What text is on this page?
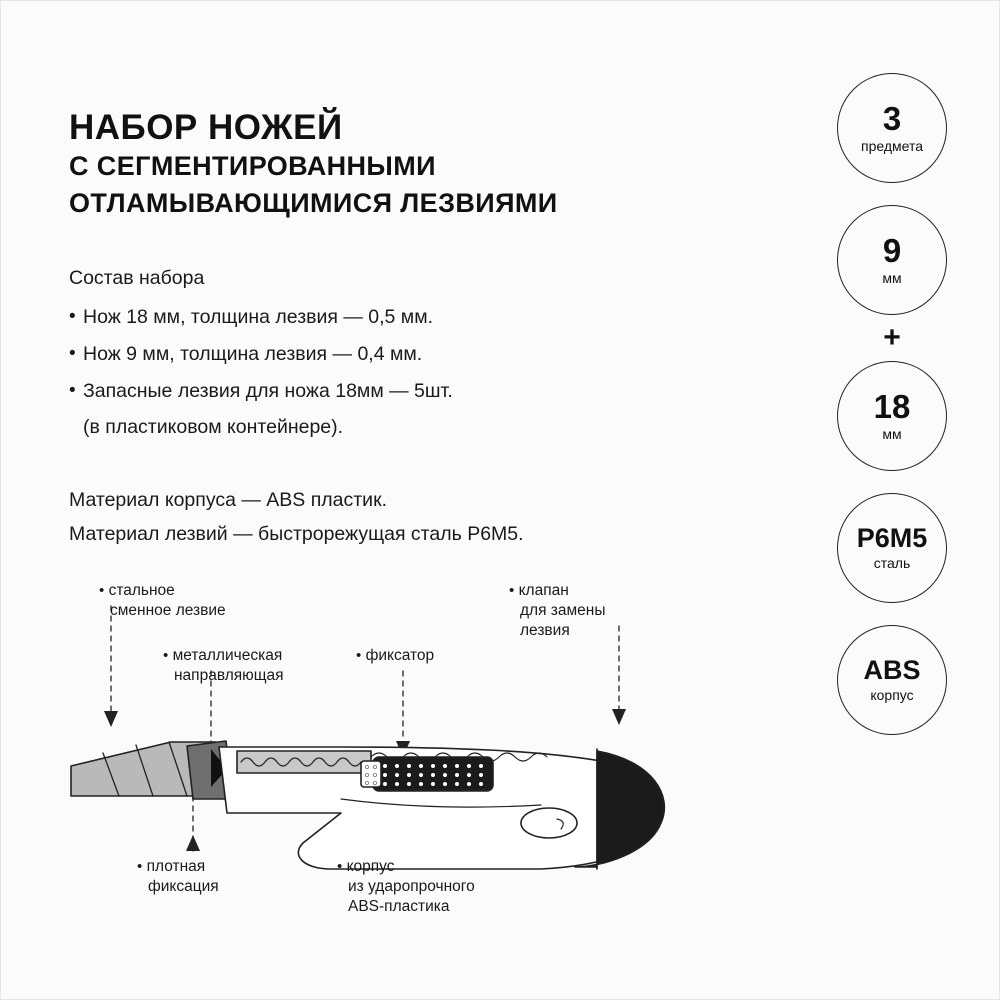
НАБОР НОЖЕЙ
С СЕГМЕНТИРОВАННЫМИ
ОТЛАМЫВАЮЩИМИСЯ ЛЕЗВИЯМИ
Состав набора
• Нож 18 мм, толщина лезвия — 0,5 мм.
• Нож 9 мм, толщина лезвия — 0,4 мм.
• Запасные лезвия для ножа 18мм — 5шт.
(в пластиковом контейнере).
Материал корпуса — ABS пластик.
Материал лезвий — быстрорежущая сталь Р6М5.
3
предмета
9
мм
+
18
мм
Р6М5
сталь
ABS
корпус
• стальное
сменное лезвие
• металлическая
направляющая
• фиксатор
• клапан
для замены
лезвия
• плотная
фиксация
• корпус
из ударопрочного
ABS-пластика
